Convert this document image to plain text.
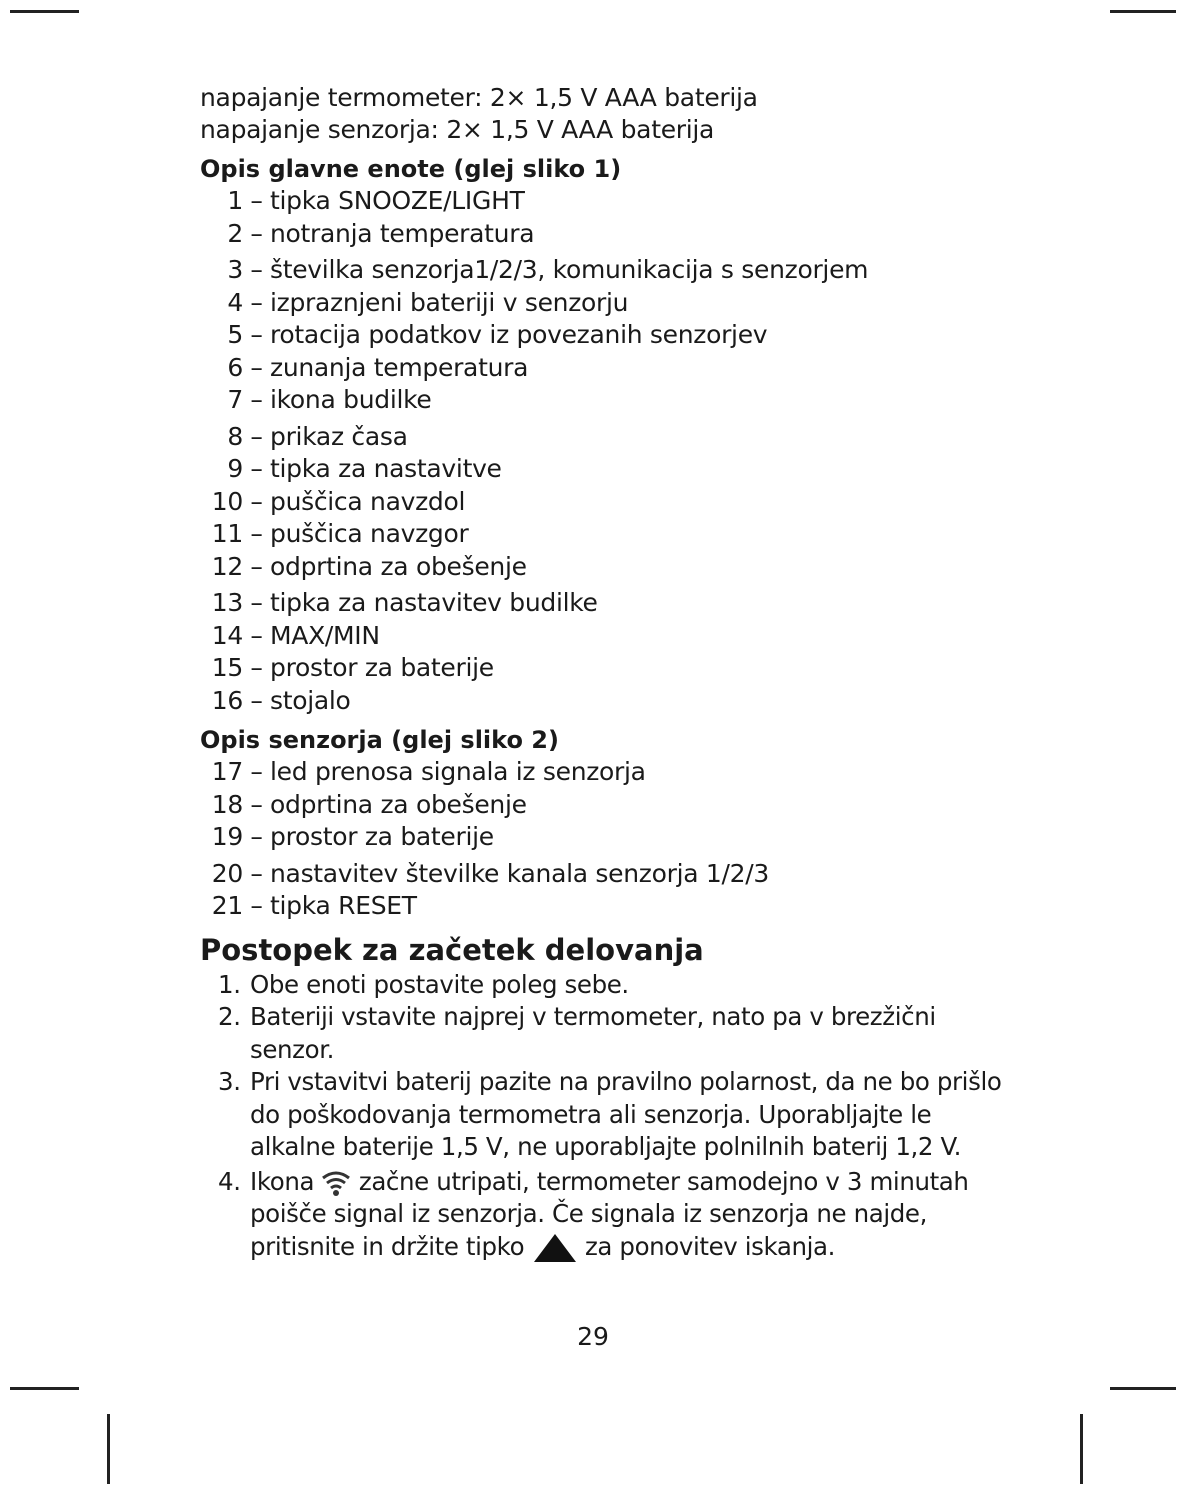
napajanje termometer: 2× 1,5 V AAA baterija
napajanje senzorja: 2× 1,5 V AAA baterija
Opis glavne enote (glej sliko 1)
1 – tipka SNOOZE/LIGHT
2 – notranja temperatura
3 – številka senzorja1/2/3, komunikacija s senzorjem
4 – izpraznjeni bateriji v senzorju
5 – rotacija podatkov iz povezanih senzorjev
6 – zunanja temperatura
7 – ikona budilke
8 – prikaz časa
9 – tipka za nastavitve
10 – puščica navzdol
11 – puščica navzgor
12 – odprtina za obešenje
13 – tipka za nastavitev budilke
14 – MAX/MIN
15 – prostor za baterije
16 – stojalo
Opis senzorja (glej sliko 2)
17 – led prenosa signala iz senzorja
18 – odprtina za obešenje
19 – prostor za baterije
20 – nastavitev številke kanala senzorja 1/2/3
21 – tipka RESET
Postopek za začetek delovanja
1. Obe enoti postavite poleg sebe.
2. Bateriji vstavite najprej v termometer, nato pa v brezžični senzor.
3. Pri vstavitvi baterij pazite na pravilno polarnost, da ne bo prišlo do poškodovanja termometra ali senzorja. Uporabljajte le alkalne baterije 1,5 V, ne uporabljajte polnilnih baterij 1,2 V.
4. Ikona začne utripati, termometer samodejno v 3 minutah poišče signal iz senzorja. Če signala iz senzorja ne najde, pritisnite in držite tipko za ponovitev iskanja.
29
